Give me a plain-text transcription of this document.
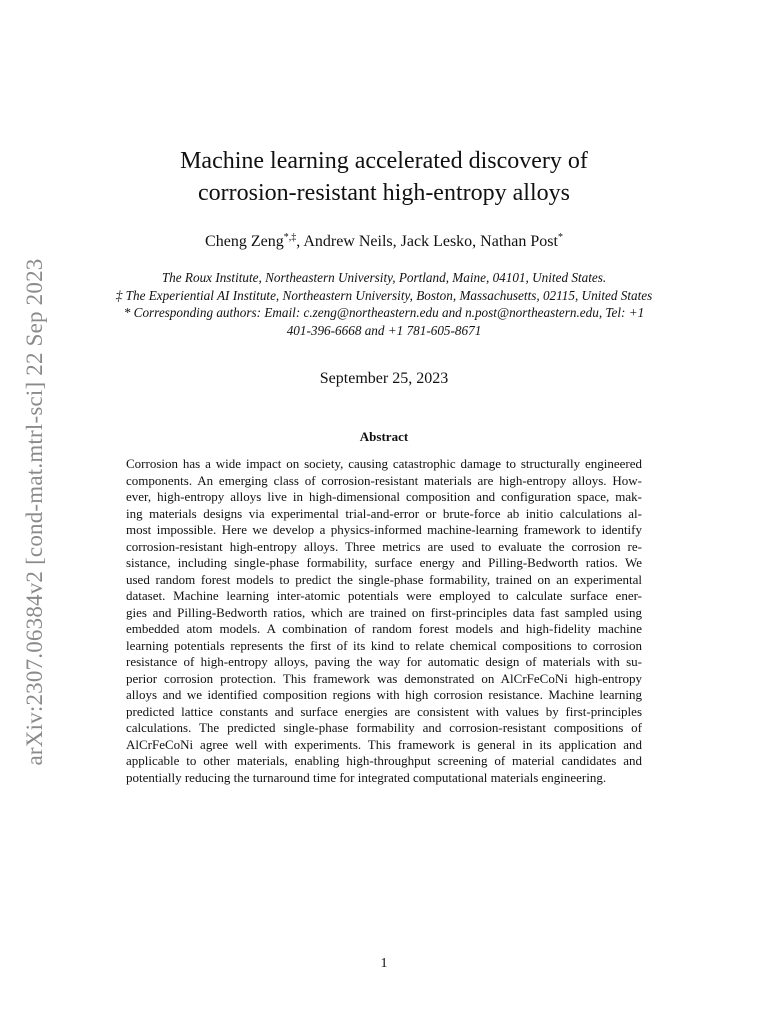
arXiv:2307.06384v2 [cond-mat.mtrl-sci] 22 Sep 2023
Machine learning accelerated discovery of
corrosion-resistant high-entropy alloys
Cheng Zeng*,‡, Andrew Neils, Jack Lesko, Nathan Post*
The Roux Institute, Northeastern University, Portland, Maine, 04101, United States.
‡ The Experiential AI Institute, Northeastern University, Boston, Massachusetts, 02115, United States
* Corresponding authors: Email: c.zeng@northeastern.edu and n.post@northeastern.edu, Tel: +1
401-396-6668 and +1 781-605-8671
September 25, 2023
Abstract
Corrosion has a wide impact on society, causing catastrophic damage to structurally engineered
components. An emerging class of corrosion-resistant materials are high-entropy alloys. How-
ever, high-entropy alloys live in high-dimensional composition and configuration space, mak-
ing materials designs via experimental trial-and-error or brute-force ab initio calculations al-
most impossible. Here we develop a physics-informed machine-learning framework to identify
corrosion-resistant high-entropy alloys. Three metrics are used to evaluate the corrosion re-
sistance, including single-phase formability, surface energy and Pilling-Bedworth ratios. We
used random forest models to predict the single-phase formability, trained on an experimental
dataset. Machine learning inter-atomic potentials were employed to calculate surface ener-
gies and Pilling-Bedworth ratios, which are trained on first-principles data fast sampled using
embedded atom models. A combination of random forest models and high-fidelity machine
learning potentials represents the first of its kind to relate chemical compositions to corrosion
resistance of high-entropy alloys, paving the way for automatic design of materials with su-
perior corrosion protection. This framework was demonstrated on AlCrFeCoNi high-entropy
alloys and we identified composition regions with high corrosion resistance. Machine learning
predicted lattice constants and surface energies are consistent with values by first-principles
calculations. The predicted single-phase formability and corrosion-resistant compositions of
AlCrFeCoNi agree well with experiments. This framework is general in its application and
applicable to other materials, enabling high-throughput screening of material candidates and
potentially reducing the turnaround time for integrated computational materials engineering.
1
